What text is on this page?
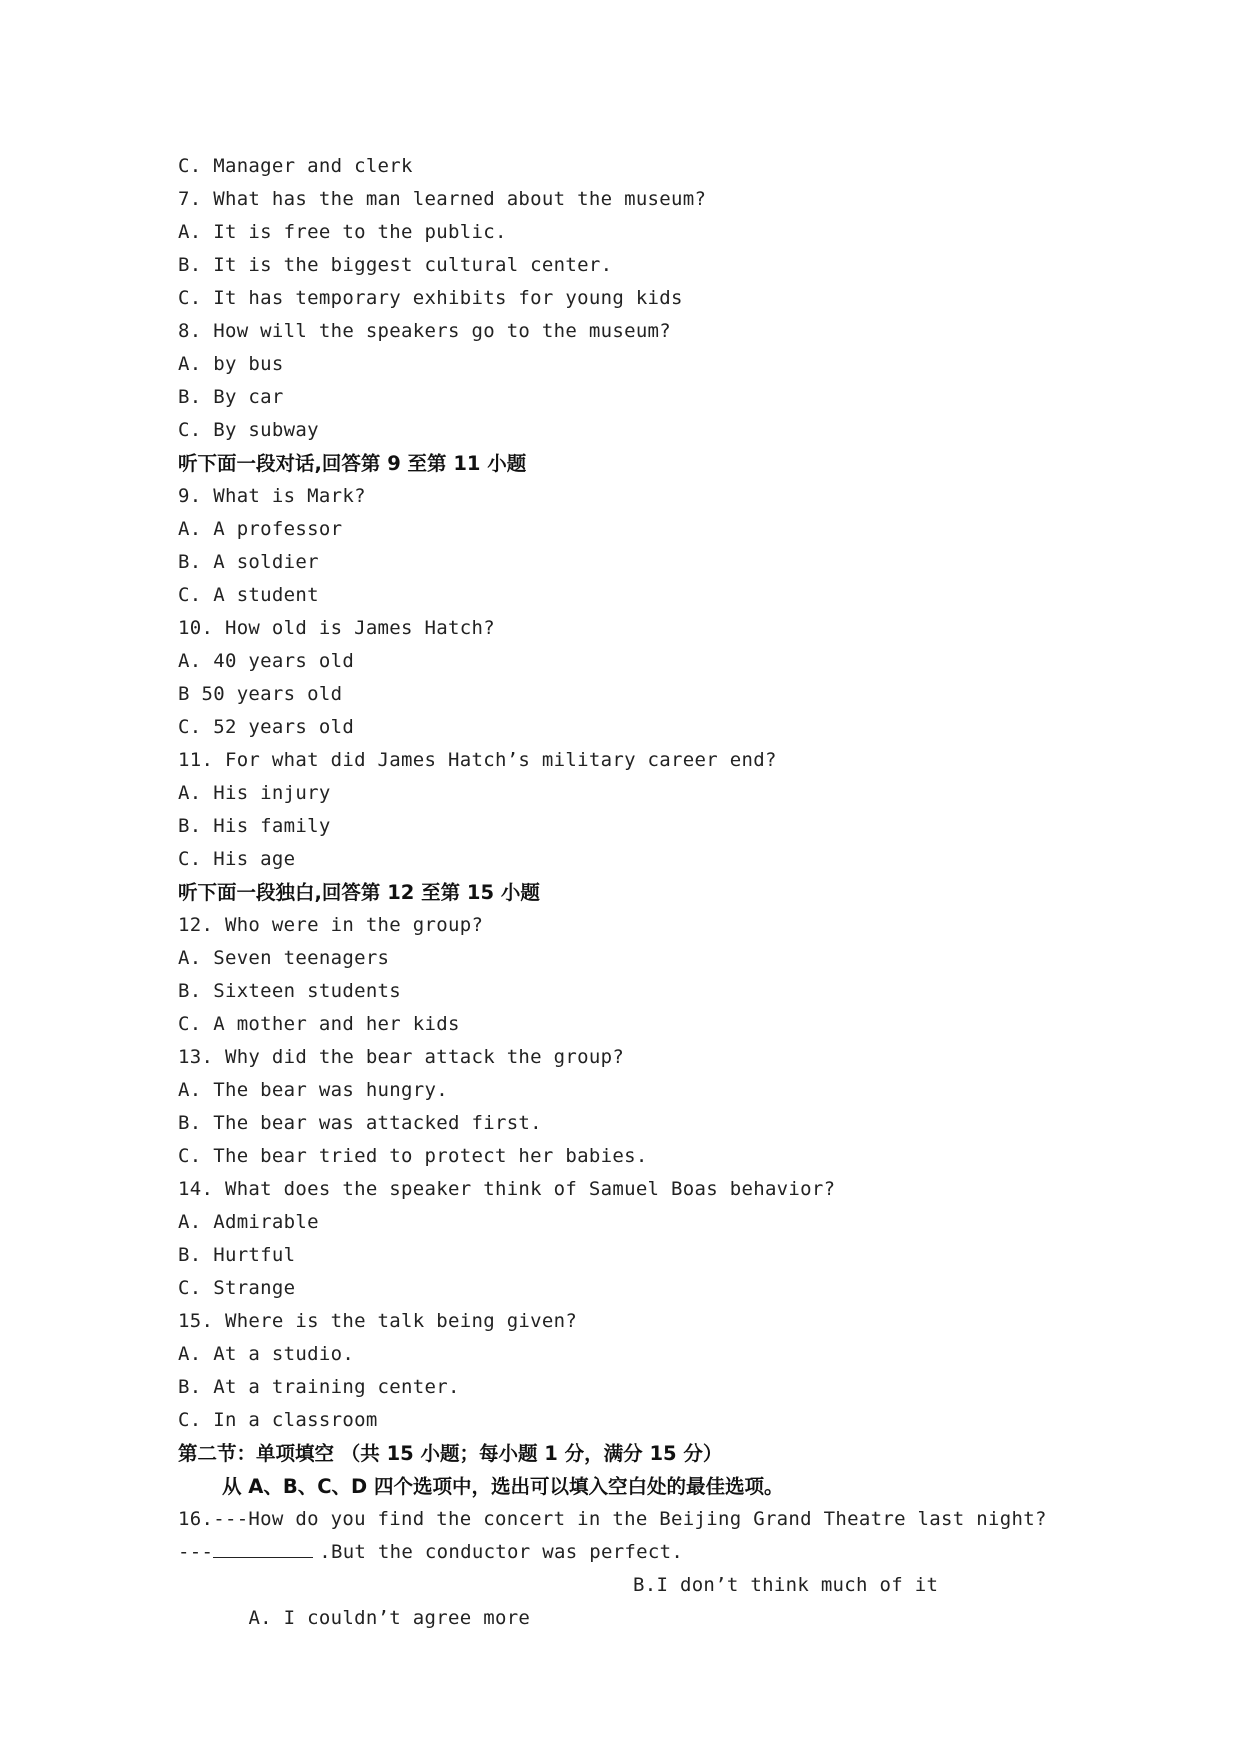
C. Manager and clerk
7. What has the man learned about the museum?
A. It is free to the public.
B. It is the biggest cultural center.
C. It has temporary exhibits for young kids
8. How will the speakers go to the museum?
A. by bus
B. By car
C. By subway
听下面一段对话,回答第 9 至第 11 小题
9. What is Mark?
A. A professor
B. A soldier
C. A student
10. How old is James Hatch?
A. 40 years old
B 50 years old
C. 52 years old
11. For what did James Hatch’s military career end?
A. His injury
B. His family
C. His age
听下面一段独白,回答第 12 至第 15 小题
12. Who were in the group?
A. Seven teenagers
B. Sixteen students
C. A mother and her kids
13. Why did the bear attack the group?
A. The bear was hungry.
B. The bear was attacked first.
C. The bear tried to protect her babies.
14. What does the speaker think of Samuel Boas behavior?
A. Admirable
B. Hurtful
C. Strange
15. Where is the talk being given?
A. At a studio.
B. At a training center.
C. In a classroom
第二节：单项填空 （共 15 小题；每小题 1 分，满分 15 分）
从 A、B、C、D 四个选项中，选出可以填入空白处的最佳选项。
16.---How do you find the concert in the Beijing Grand Theatre last night?
---	.But the conductor was perfect.

A. I couldn’t agree more

B.I don’t think much of it
